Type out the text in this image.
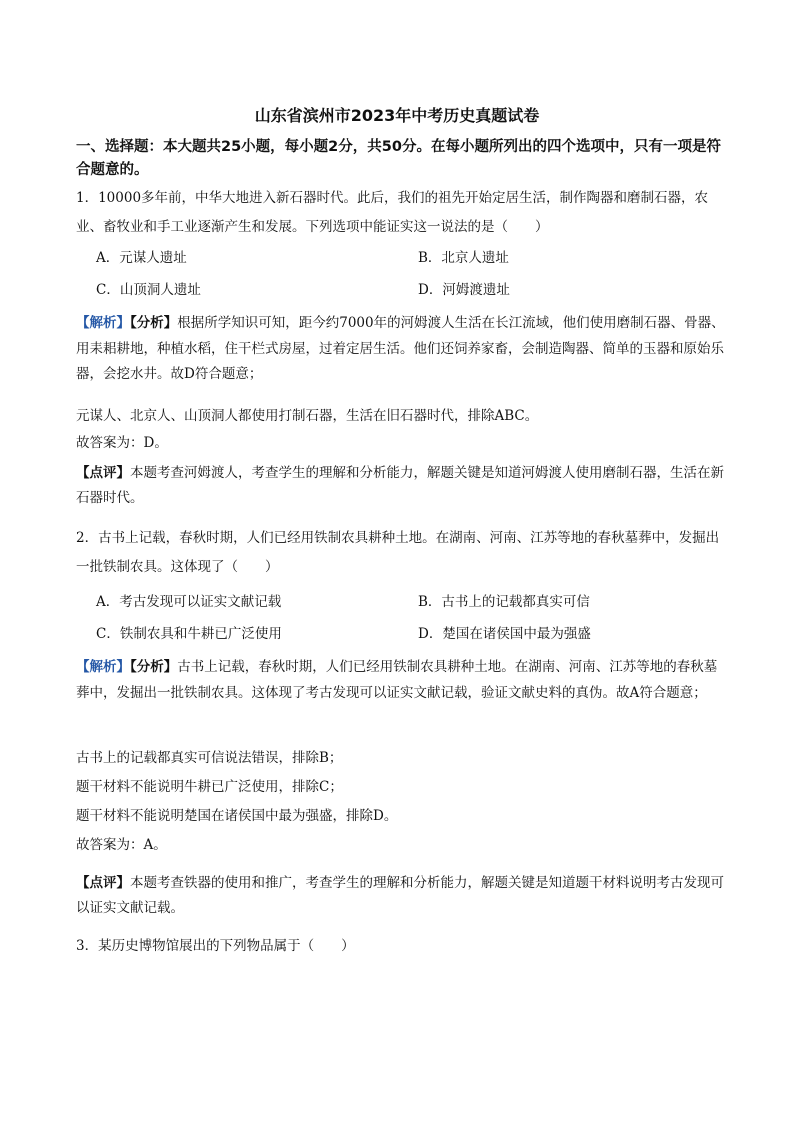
山东省滨州市2023年中考历史真题试卷
一、选择题：本大题共25小题，每小题2分，共50分。在每小题所列出的四个选项中，只有一项是符合题意的。

1．10000多年前，中华大地进入新石器时代。此后，我们的祖先开始定居生活，制作陶器和磨制石器，农业、畜牧业和手工业逐渐产生和发展。下列选项中能证实这一说法的是（　　）

A．元谋人遗址	B．北京人遗址
C．山顶洞人遗址	D．河姆渡遗址

【解析】【分析】根据所学知识可知，距今约7000年的河姆渡人生活在长江流域，他们使用磨制石器、骨器、用耒耜耕地，种植水稻，住干栏式房屋，过着定居生活。他们还饲养家畜，会制造陶器、简单的玉器和原始乐器，会挖水井。故D符合题意；

元谋人、北京人、山顶洞人都使用打制石器，生活在旧石器时代，排除ABC。

故答案为：D。

【点评】本题考查河姆渡人，考查学生的理解和分析能力，解题关键是知道河姆渡人使用磨制石器，生活在新石器时代。

2．古书上记载，春秋时期，人们已经用铁制农具耕种土地。在湖南、河南、江苏等地的春秋墓葬中，发掘出一批铁制农具。这体现了（　　）

A．考古发现可以证实文献记载	B．古书上的记载都真实可信
C．铁制农具和牛耕已广泛使用	D．楚国在诸侯国中最为强盛

【解析】【分析】古书上记载，春秋时期，人们已经用铁制农具耕种土地。在湖南、河南、江苏等地的春秋墓葬中，发掘出一批铁制农具。这体现了考古发现可以证实文献记载，验证文献史料的真伪。故A符合题意；

古书上的记载都真实可信说法错误，排除B；

题干材料不能说明牛耕已广泛使用，排除C；

题干材料不能说明楚国在诸侯国中最为强盛，排除D。

故答案为：A。

【点评】本题考查铁器的使用和推广，考查学生的理解和分析能力，解题关键是知道题干材料说明考古发现可以证实文献记载。

3．某历史博物馆展出的下列物品属于（　　）
